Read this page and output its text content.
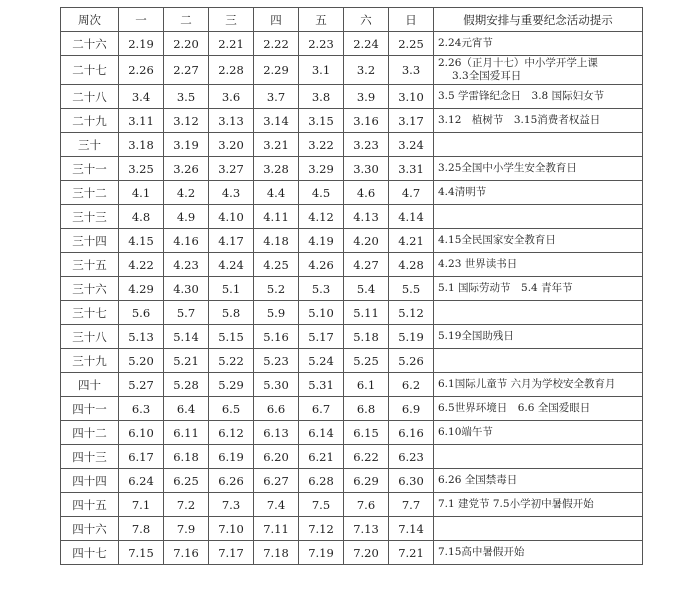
周次	一	二	三	四	五	六	日	假期安排与重要纪念活动提示
二十六	2.19	2.20	2.21	2.22	2.23	2.24	2.25	2.24元宵节

二十七	2.26	2.27	2.28	2.29	3.1	3.2	3.3	2.26（正月十七）中小学开学上课
3.3全国爱耳日

二十八	3.4	3.5	3.6	3.7	3.8	3.9	3.10	3.5 学雷锋纪念日　3.8 国际妇女节

二十九	3.11	3.12	3.13	3.14	3.15	3.16	3.17	3.12　植树节　3.15消费者权益日

三十	3.18	3.19	3.20	3.21	3.22	3.23	3.24	

三十一	3.25	3.26	3.27	3.28	3.29	3.30	3.31	3.25全国中小学生安全教育日

三十二	4.1	4.2	4.3	4.4	4.5	4.6	4.7	4.4清明节

三十三	4.8	4.9	4.10	4.11	4.12	4.13	4.14	

三十四	4.15	4.16	4.17	4.18	4.19	4.20	4.21	4.15全民国家安全教育日

三十五	4.22	4.23	4.24	4.25	4.26	4.27	4.28	4.23 世界读书日

三十六	4.29	4.30	5.1	5.2	5.3	5.4	5.5	5.1 国际劳动节　5.4 青年节

三十七	5.6	5.7	5.8	5.9	5.10	5.11	5.12	

三十八	5.13	5.14	5.15	5.16	5.17	5.18	5.19	5.19全国助残日

三十九	5.20	5.21	5.22	5.23	5.24	5.25	5.26	

四十	5.27	5.28	5.29	5.30	5.31	6.1	6.2	6.1国际儿童节 六月为学校安全教育月

四十一	6.3	6.4	6.5	6.6	6.7	6.8	6.9	6.5世界环境日　6.6 全国爱眼日

四十二	6.10	6.11	6.12	6.13	6.14	6.15	6.16	6.10端午节

四十三	6.17	6.18	6.19	6.20	6.21	6.22	6.23	

四十四	6.24	6.25	6.26	6.27	6.28	6.29	6.30	6.26 全国禁毒日

四十五	7.1	7.2	7.3	7.4	7.5	7.6	7.7	7.1 建党节 7.5小学初中暑假开始

四十六	7.8	7.9	7.10	7.11	7.12	7.13	7.14	

四十七	7.15	7.16	7.17	7.18	7.19	7.20	7.21	7.15高中暑假开始
